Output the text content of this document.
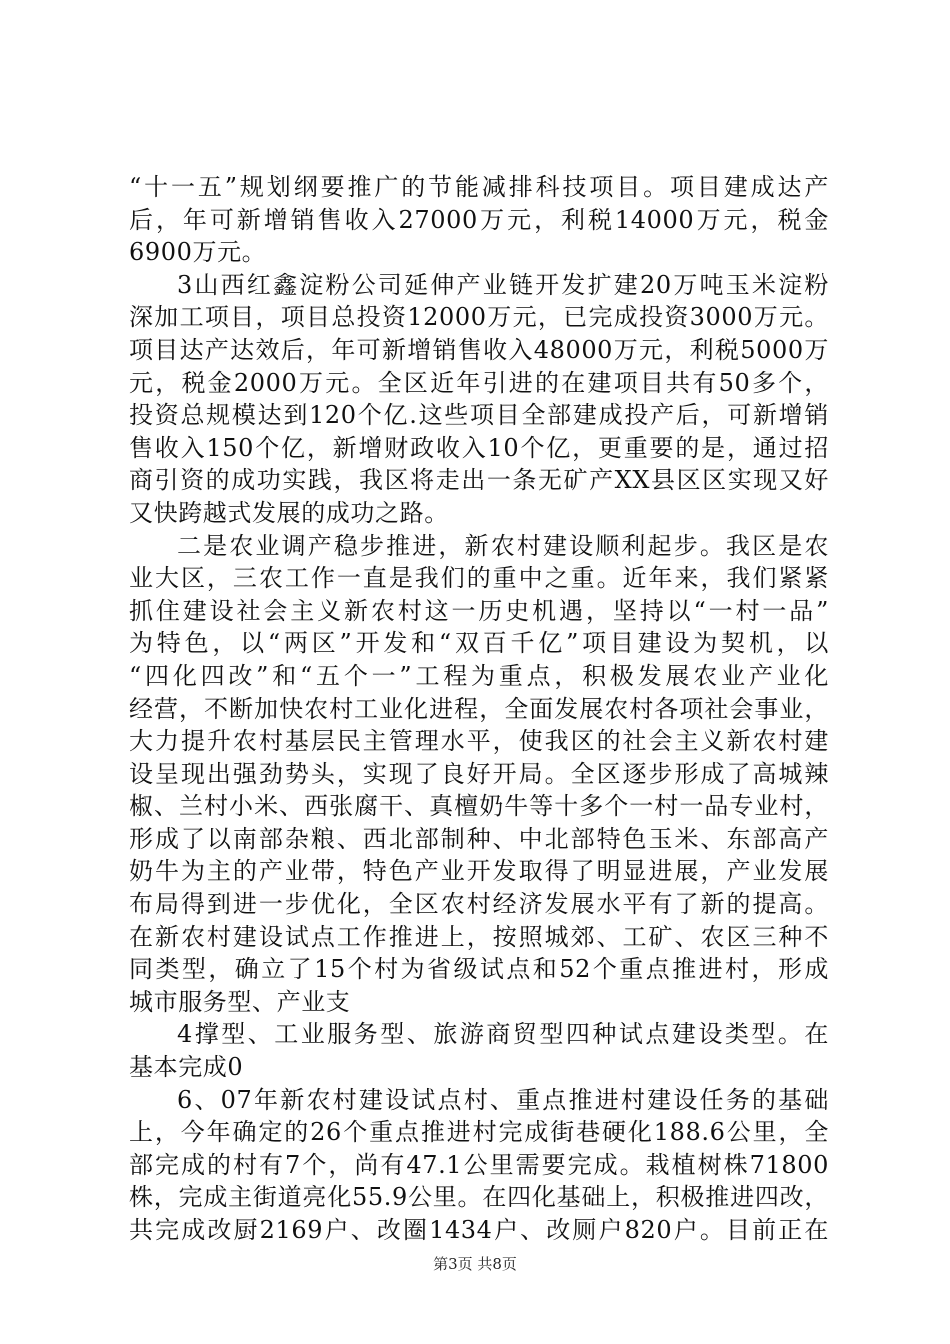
“十一五”规划纲要推广的节能减排科技项目。项目建成达产
后，年可新增销售收入27000万元，利税14000万元，税金
6900万元。
3山西红鑫淀粉公司延伸产业链开发扩建20万吨玉米淀粉
深加工项目，项目总投资12000万元，已完成投资3000万元。
项目达产达效后，年可新增销售收入48000万元，利税5000万
元，税金2000万元。全区近年引进的在建项目共有50多个，
投资总规模达到120个亿.这些项目全部建成投产后，可新增销
售收入150个亿，新增财政收入10个亿，更重要的是，通过招
商引资的成功实践，我区将走出一条无矿产XX县区区实现又好
又快跨越式发展的成功之路。
二是农业调产稳步推进，新农村建设顺利起步。我区是农
业大区，三农工作一直是我们的重中之重。近年来，我们紧紧
抓住建设社会主义新农村这一历史机遇，坚持以“一村一品”
为特色，以“两区”开发和“双百千亿”项目建设为契机，以
“四化四改”和“五个一”工程为重点，积极发展农业产业化
经营，不断加快农村工业化进程，全面发展农村各项社会事业，
大力提升农村基层民主管理水平，使我区的社会主义新农村建
设呈现出强劲势头，实现了良好开局。全区逐步形成了高城辣
椒、兰村小米、西张腐干、真檀奶牛等十多个一村一品专业村，
形成了以南部杂粮、西北部制种、中北部特色玉米、东部高产
奶牛为主的产业带，特色产业开发取得了明显进展，产业发展
布局得到进一步优化，全区农村经济发展水平有了新的提高。
在新农村建设试点工作推进上，按照城郊、工矿、农区三种不
同类型，确立了15个村为省级试点和52个重点推进村，形成
城市服务型、产业支
4撑型、工业服务型、旅游商贸型四种试点建设类型。在
基本完成0
6、07年新农村建设试点村、重点推进村建设任务的基础
上，今年确定的26个重点推进村完成街巷硬化188.6公里，全
部完成的村有7个，尚有47.1公里需要完成。栽植树株71800
株，完成主街道亮化55.9公里。在四化基础上，积极推进四改，
共完成改厨2169户、改圈1434户、改厕户820户。目前正在
第3页 共8页
